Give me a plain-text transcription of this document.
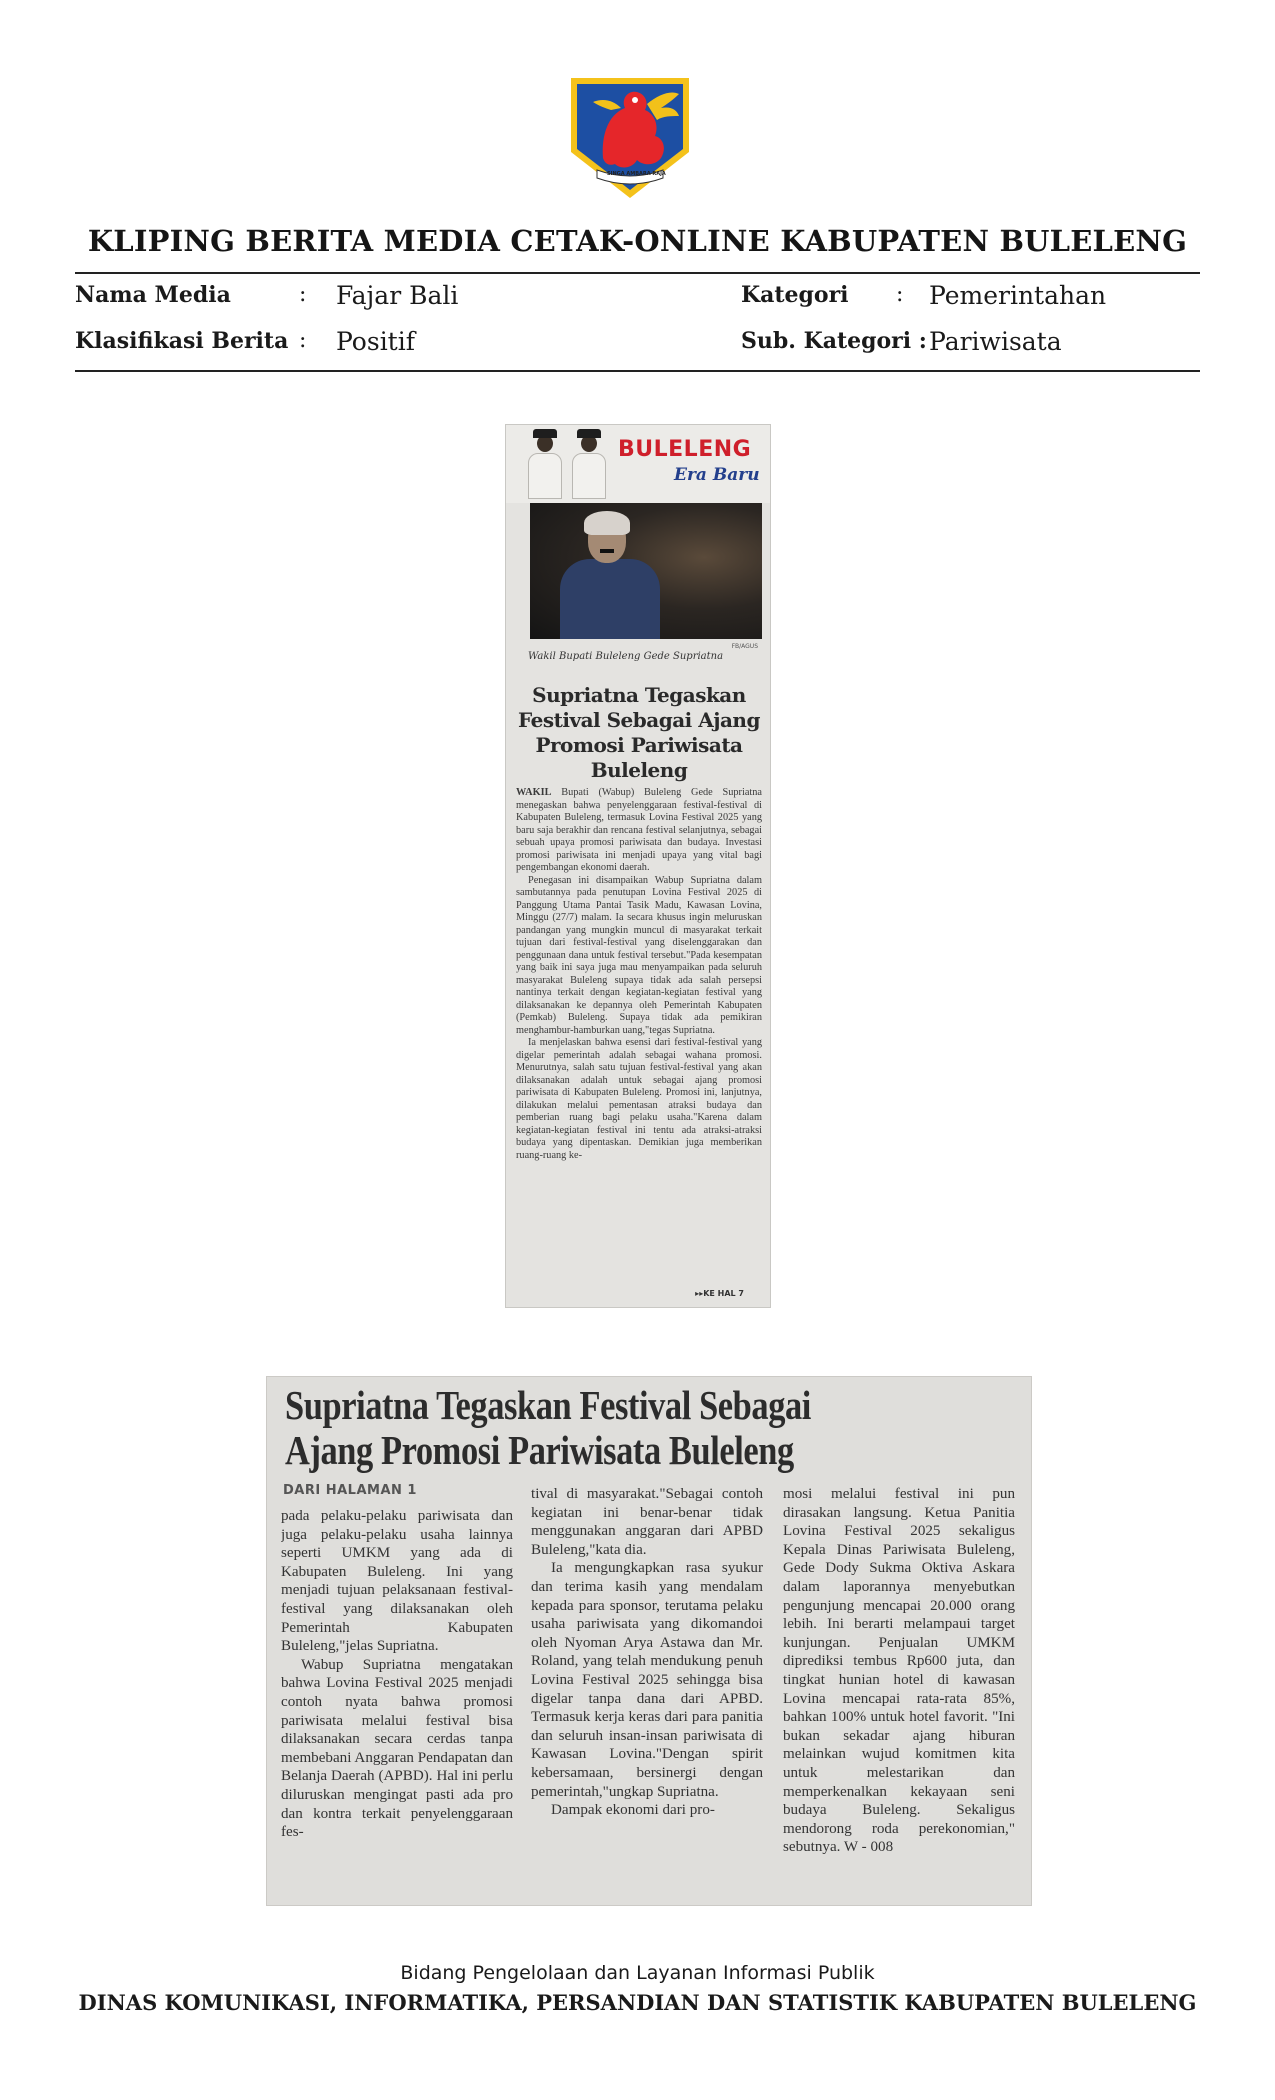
SINGA AMBARA RAJA
KLIPING BERITA MEDIA CETAK-ONLINE KABUPATEN BULELENG
Nama Media	: Fajar Bali	Kategori : Pemerintahan
Klasifikasi Berita : Positif	Sub. Kategori : Pariwisata
BULELENG
Era Baru
FB/AGUS
Wakil Bupati Buleleng Gede Supriatna
Supriatna Tegaskan Festival Sebagai Ajang Promosi Pariwisata Buleleng

WAKIL Bupati (Wabup) Buleleng Gede Supriatna menegaskan bahwa penyelenggaraan festival-festival di Kabupaten Buleleng, termasuk Lovina Festival 2025 yang baru saja berakhir dan rencana festival selanjutnya, sebagai sebuah upaya promosi pariwisata dan budaya. Investasi promosi pariwisata ini menjadi upaya yang vital bagi pengembangan ekonomi daerah.

Penegasan ini disampaikan Wabup Supriatna dalam sambutannya pada penutupan Lovina Festival 2025 di Panggung Utama Pantai Tasik Madu, Kawasan Lovina, Minggu (27/7) malam. Ia secara khusus ingin meluruskan pandangan yang mungkin muncul di masyarakat terkait tujuan dari festival-festival yang diselenggarakan dan penggunaan dana untuk festival tersebut."Pada kesempatan yang baik ini saya juga mau menyampaikan pada seluruh masyarakat Buleleng supaya tidak ada salah persepsi nantinya terkait dengan kegiatan-kegiatan festival yang dilaksanakan ke depannya oleh Pemerintah Kabupaten (Pemkab) Buleleng. Supaya tidak ada pemikiran menghambur-hamburkan uang,"tegas Supriatna.

Ia menjelaskan bahwa esensi dari festival-festival yang digelar pemerintah adalah sebagai wahana promosi. Menurutnya, salah satu tujuan festival-festival yang akan dilaksanakan adalah untuk sebagai ajang promosi pariwisata di Kabupaten Buleleng. Promosi ini, lanjutnya, dilakukan melalui pementasan atraksi budaya dan pemberian ruang bagi pelaku usaha."Karena dalam kegiatan-kegiatan festival ini tentu ada atraksi-atraksi budaya yang dipentaskan. Demikian juga memberikan ruang-ruang ke-

▸▸KE HAL 7
Supriatna Tegaskan Festival Sebagai Ajang Promosi Pariwisata Buleleng
DARI HALAMAN 1

pada pelaku-pelaku pariwisata dan juga pelaku-pelaku usaha lainnya seperti UMKM yang ada di Kabupaten Buleleng. Ini yang menjadi tujuan pelaksanaan festival-festival yang dilaksanakan oleh Pemerintah Kabupaten Buleleng,"jelas Supriatna.

Wabup Supriatna mengatakan bahwa Lovina Festival 2025 menjadi contoh nyata bahwa promosi pariwisata melalui festival bisa dilaksanakan secara cerdas tanpa membebani Anggaran Pendapatan dan Belanja Daerah (APBD). Hal ini perlu diluruskan mengingat pasti ada pro dan kontra terkait penyelenggaraan fes-

tival di masyarakat."Sebagai contoh kegiatan ini benar-benar tidak menggunakan anggaran dari APBD Buleleng,"kata dia.

Ia mengungkapkan rasa syukur dan terima kasih yang mendalam kepada para sponsor, terutama pelaku usaha pariwisata yang dikomandoi oleh Nyoman Arya Astawa dan Mr. Roland, yang telah mendukung penuh Lovina Festival 2025 sehingga bisa digelar tanpa dana dari APBD. Termasuk kerja keras dari para panitia dan seluruh insan-insan pariwisata di Kawasan Lovina."Dengan spirit kebersamaan, bersinergi dengan pemerintah,"ungkap Supriatna.

Dampak ekonomi dari pro-

mosi melalui festival ini pun dirasakan langsung. Ketua Panitia Lovina Festival 2025 sekaligus Kepala Dinas Pariwisata Buleleng, Gede Dody Sukma Oktiva Askara dalam laporannya menyebutkan pengunjung mencapai 20.000 orang lebih. Ini berarti melampaui target kunjungan. Penjualan UMKM diprediksi tembus Rp600 juta, dan tingkat hunian hotel di kawasan Lovina mencapai rata-rata 85%, bahkan 100% untuk hotel favorit. "Ini bukan sekadar ajang hiburan melainkan wujud komitmen kita untuk melestarikan dan memperkenalkan kekayaan seni budaya Buleleng. Sekaligus mendorong roda perekonomian," sebutnya. W - 008

Bidang Pengelolaan dan Layanan Informasi Publik
DINAS KOMUNIKASI, INFORMATIKA, PERSANDIAN DAN STATISTIK KABUPATEN BULELENG
